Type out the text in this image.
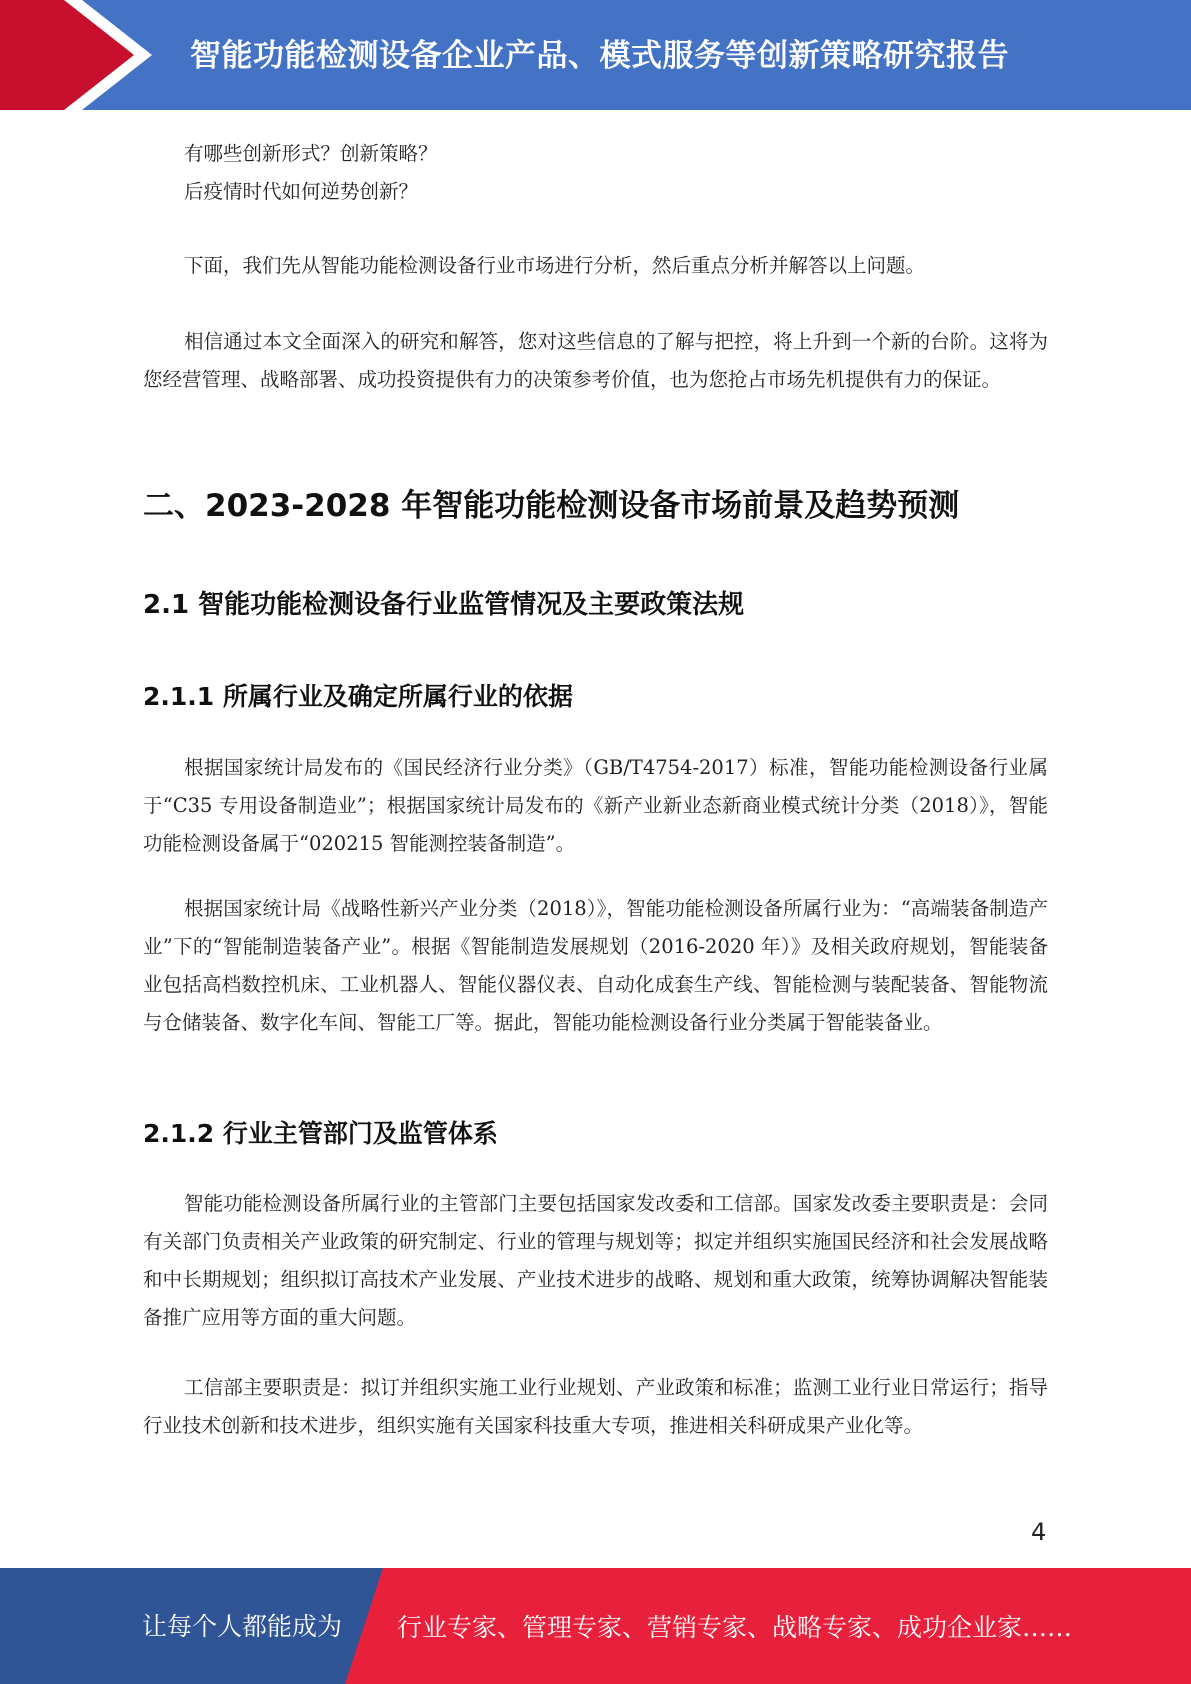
智能功能检测设备企业产品、模式服务等创新策略研究报告
有哪些创新形式？创新策略？
后疫情时代如何逆势创新？
下面，我们先从智能功能检测设备行业市场进行分析，然后重点分析并解答以上问题。
相信通过本文全面深入的研究和解答，您对这些信息的了解与把控，将上升到一个新的台阶。这将为您经营管理、战略部署、成功投资提供有力的决策参考价值，也为您抢占市场先机提供有力的保证。
二、2023-2028 年智能功能检测设备市场前景及趋势预测
2.1 智能功能检测设备行业监管情况及主要政策法规
2.1.1 所属行业及确定所属行业的依据
根据国家统计局发布的《国民经济行业分类》（GB/T4754-2017）标准，智能功能检测设备行业属于“C35 专用设备制造业”；根据国家统计局发布的《新产业新业态新商业模式统计分类（2018）》，智能功能检测设备属于“020215 智能测控装备制造”。
根据国家统计局《战略性新兴产业分类（2018）》，智能功能检测设备所属行业为：“高端装备制造产业”下的“智能制造装备产业”。根据《智能制造发展规划（2016-2020 年）》及相关政府规划，智能装备业包括高档数控机床、工业机器人、智能仪器仪表、自动化成套生产线、智能检测与装配装备、智能物流与仓储装备、数字化车间、智能工厂等。据此，智能功能检测设备行业分类属于智能装备业。
2.1.2 行业主管部门及监管体系
智能功能检测设备所属行业的主管部门主要包括国家发改委和工信部。国家发改委主要职责是：会同有关部门负责相关产业政策的研究制定、行业的管理与规划等；拟定并组织实施国民经济和社会发展战略和中长期规划；组织拟订高技术产业发展、产业技术进步的战略、规划和重大政策，统筹协调解决智能装备推广应用等方面的重大问题。
工信部主要职责是：拟订并组织实施工业行业规划、产业政策和标准；监测工业行业日常运行；指导行业技术创新和技术进步，组织实施有关国家科技重大专项，推进相关科研成果产业化等。
4
让每个人都能成为 行业专家、管理专家、营销专家、战略专家、成功企业家……
